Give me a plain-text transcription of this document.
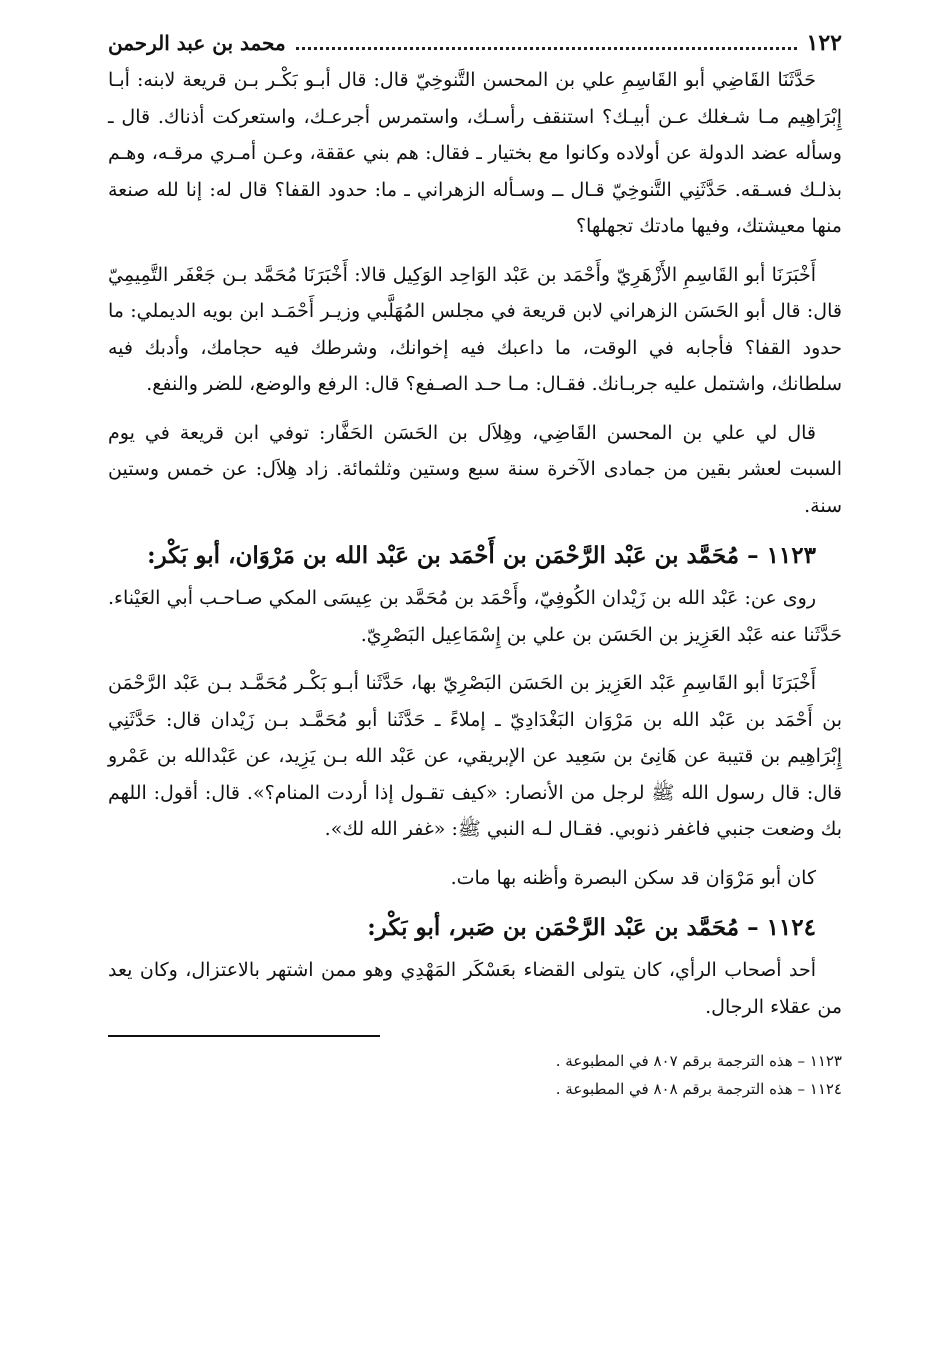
١٢٢
محمد بن عبد الرحمن

حَدَّثَنَا القَاضِي أبو القَاسِمِ علي بن المحسن التَّنوخِيّ قال: قال أبـو بَكْـر بـن قريعة لابنه: أبـا إِبْرَاهِيم مـا شـغلك عـن أبيـك؟ استنقف رأسـك، واستمرس أجرعـك، واستعركت أذناك. قال ـ وسأله عضد الدولة عن أولاده وكانوا مع بختيار ـ فقال: هم بني عققة، وعـن أمـري مرقـه، وهـم بذلـك فسـقه. حَدَّثَنِي التَّنوخِيّ قـال ــ وسـأله الزهراني ـ ما: حدود القفا؟ قال له: إنا لله صنعة منها معيشتك، وفيها مادتك تجهلها؟

أَخْبَرَنَا أبو القَاسِمِ الأَزْهَرِيّ وأَحْمَد بن عَبْد الوَاحِد الوَكِيل قالا: أَخْبَرَنَا مُحَمَّد بـن جَعْفَر التَّمِيمِيّ قال: قال أبو الحَسَن الزهراني لابن قريعة في مجلس المُهَلَّبي وزيـر أَحْمَـد ابن بويه الديملي: ما حدود القفا؟ فأجابه في الوقت، ما داعبك فيه إخوانك، وشرطك فيه حجامك، وأدبك فيه سلطانك، واشتمل عليه جربـانك. فقـال: مـا حـد الصـفع؟ قال: الرفع والوضع، للضر والنفع.

قال لي علي بن المحسن القَاضِي، وهِلاَل بن الحَسَن الحَفَّار: توفي ابن قريعة في يوم السبت لعشر بقين من جمادى الآخرة سنة سبع وستين وثلثمائة. زاد هِلاَل: عن خمس وستين سنة.

١١٢٣ – مُحَمَّد بن عَبْد الرَّحْمَن بن أَحْمَد بن عَبْد الله بن مَرْوَان، أبو بَكْر:

روى عن: عَبْد الله بن زَيْدان الكُوفِيّ، وأَحْمَد بن مُحَمَّد بن عِيسَى المكي صـاحـب أبي العَيْناء. حَدَّثَنا عنه عَبْد العَزِيز بن الحَسَن بن علي بن إِسْمَاعِيل البَصْرِيّ.

أَخْبَرَنَا أبو القَاسِمِ عَبْد العَزِيز بن الحَسَن البَصْرِيّ بها، حَدَّثَنا أبـو بَكْـر مُحَمَّـد بـن عَبْد الرَّحْمَن بن أَحْمَد بن عَبْد الله بن مَرْوَان البَغْدَادِيّ ـ إملاءً ـ حَدَّثَنا أبو مُحَمَّـد بـن زَيْدان قال: حَدَّثَنِي إِبْرَاهِيم بن قتيبة عن هَانِئ بن سَعِيد عن الإبريقي، عن عَبْد الله بـن يَزِيد، عن عَبْدالله بن عَمْرو قال: قال رسول الله ﷺ لرجل من الأنصار: «كيف تقـول إذا أردت المنام؟». قال: أقول: اللهم بك وضعت جنبي فاغفر ذنوبي. فقـال لـه النبي ﷺ: «غفر الله لك».

كان أبو مَرْوَان قد سكن البصرة وأظنه بها مات.

١١٢٤ – مُحَمَّد بن عَبْد الرَّحْمَن بن صَبر، أبو بَكْر:

أحد أصحاب الرأي، كان يتولى القضاء بعَسْكَر المَهْدِي وهو ممن اشتهر بالاعتزال، وكان يعد من عقلاء الرجال.

١١٢٣ – هذه الترجمة برقم ٨٠٧ في المطبوعة .
١١٢٤ – هذه الترجمة برقم ٨٠٨ في المطبوعة .
